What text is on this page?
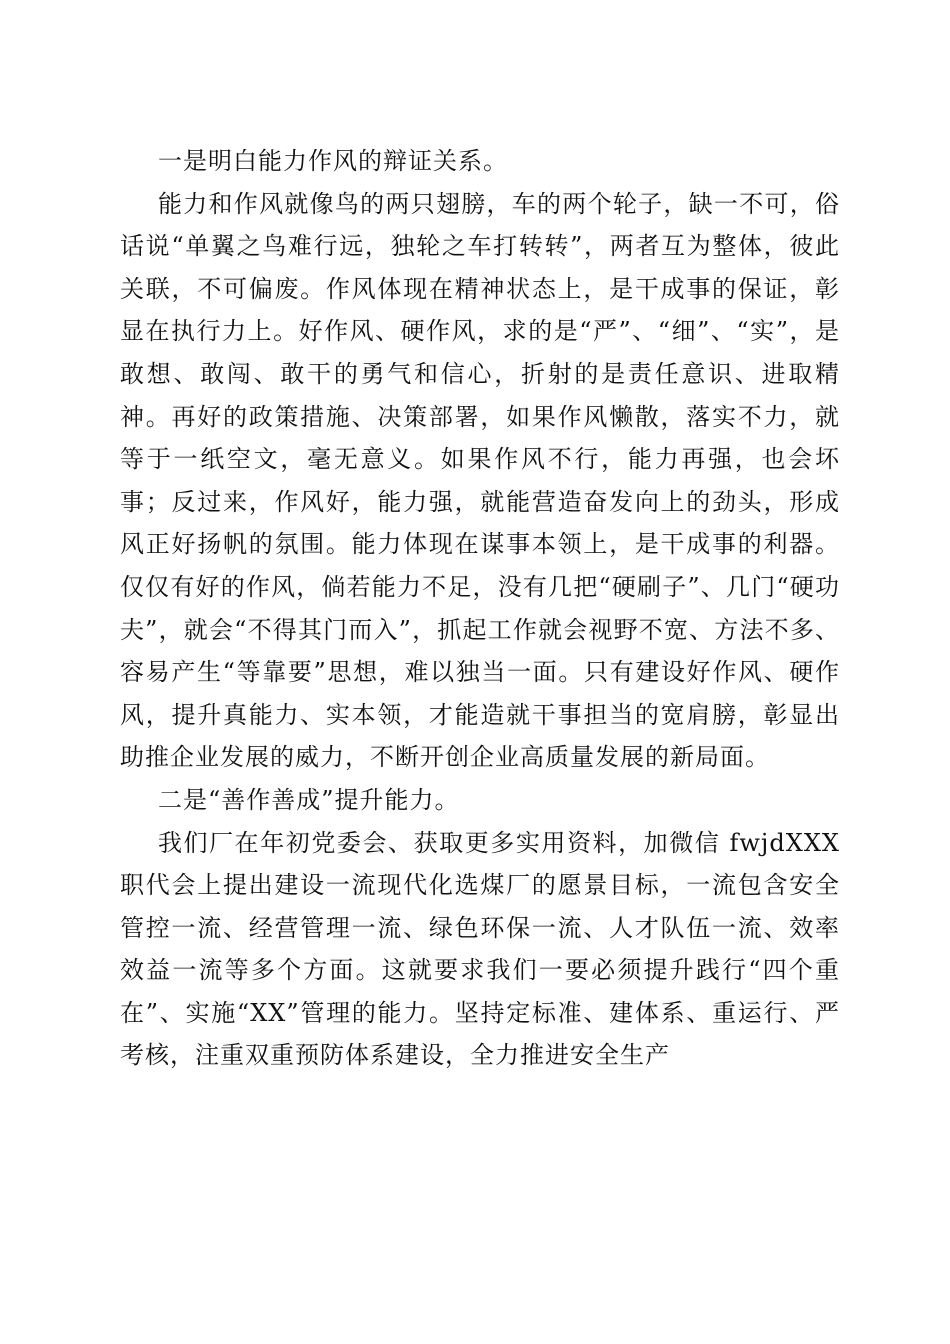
一是明白能力作风的辩证关系。

能力和作风就像鸟的两只翅膀，车的两个轮子，缺一不可，俗话说“单翼之鸟难行远，独轮之车打转转”，两者互为整体，彼此关联，不可偏废。作风体现在精神状态上，是干成事的保证，彰显在执行力上。好作风、硬作风，求的是“严”、“细”、“实”，是敢想、敢闯、敢干的勇气和信心，折射的是责任意识、进取精神。再好的政策措施、决策部署，如果作风懒散，落实不力，就等于一纸空文，毫无意义。如果作风不行，能力再强，也会坏事；反过来，作风好，能力强，就能营造奋发向上的劲头，形成风正好扬帆的氛围。能力体现在谋事本领上，是干成事的利器。仅仅有好的作风，倘若能力不足，没有几把“硬刷子”、几门“硬功夫”，就会“不得其门而入”，抓起工作就会视野不宽、方法不多、容易产生“等靠要”思想，难以独当一面。只有建设好作风、硬作风，提升真能力、实本领，才能造就干事担当的宽肩膀，彰显出助推企业发展的威力，不断开创企业高质量发展的新局面。

二是“善作善成”提升能力。

我们厂在年初党委会、获取更多实用资料，加微信 fwjdXXX 职代会上提出建设一流现代化选煤厂的愿景目标，一流包含安全管控一流、经营管理一流、绿色环保一流、人才队伍一流、效率效益一流等多个方面。这就要求我们一要必须提升践行“四个重在”、实施“XX”管理的能力。坚持定标准、建体系、重运行、严考核，注重双重预防体系建设，全力推进安全生产
